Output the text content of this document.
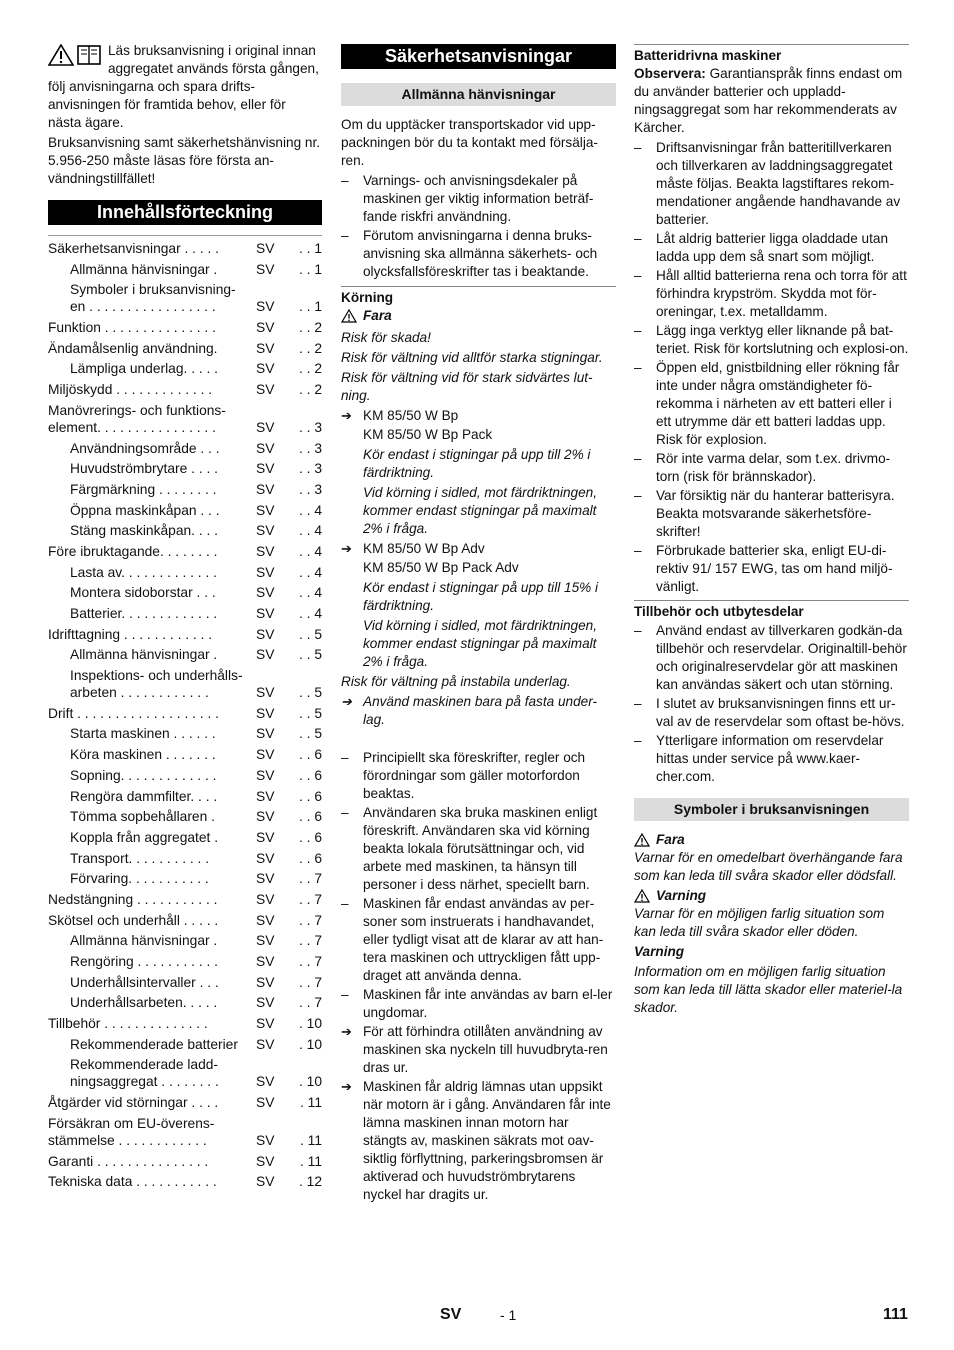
Läs bruksanvisning i original innan aggregatet används första gången, följ anvisningarna och spara drifts-anvisningen för framtida behov, eller för nästa ägare.

Bruksanvisning samt säkerhetshänvisning nr. 5.956-250 måste läsas före första an-vändningstillfället!

Innehållsförteckning
Säkerhetsanvisningar . . . . .	SV	. . 1
Allmänna hänvisningar .	SV	. . 1
Symboler i bruksanvisning-
en . . . . . . . . . . . . . . . . .	SV	. . 1
Funktion . . . . . . . . . . . . . . .	SV	. . 2
Ändamålsenlig användning.	SV	. . 2
Lämpliga underlag. . . . .	SV	. . 2
Miljöskydd . . . . . . . . . . . . .	SV	. . 2
Manövrerings- och funktions-
element. . . . . . . . . . . . . . . .	SV	. . 3
Användningsområde . . .	SV	. . 3
Huvudströmbrytare . . . .	SV	. . 3
Färgmärkning . . . . . . . .	SV	. . 3
Öppna maskinkåpan . . .	SV	. . 4
Stäng maskinkåpan. . . .	SV	. . 4
Före ibruktagande. . . . . . . .	SV	. . 4
Lasta av. . . . . . . . . . . . .	SV	. . 4
Montera sidoborstar . . .	SV	. . 4
Batterier. . . . . . . . . . . . .	SV	. . 4
Idrifttagning . . . . . . . . . . . .	SV	. . 5
Allmänna hänvisningar .	SV	. . 5
Inspektions- och underhålls-
arbeten . . . . . . . . . . . .	SV	. . 5
Drift . . . . . . . . . . . . . . . . . . .	SV	. . 5
Starta maskinen . . . . . .	SV	. . 5
Köra maskinen . . . . . . .	SV	. . 6
Sopning. . . . . . . . . . . . .	SV	. . 6
Rengöra dammfilter. . . .	SV	. . 6
Tömma sopbehållaren .	SV	. . 6
Koppla från aggregatet .	SV	. . 6
Transport. . . . . . . . . . .	SV	. . 6
Förvaring. . . . . . . . . . .	SV	. . 7
Nedstängning . . . . . . . . . . .	SV	. . 7
Skötsel och underhåll . . . . .	SV	. . 7
Allmänna hänvisningar .	SV	. . 7
Rengöring . . . . . . . . . . .	SV	. . 7
Underhållsintervaller . . .	SV	. . 7
Underhållsarbeten. . . . .	SV	. . 7
Tillbehör . . . . . . . . . . . . . .	SV	. 10
Rekommenderade batterier	SV	. 10
Rekommenderade ladd-
ningsaggregat . . . . . . . .	SV	. 10
Åtgärder vid störningar . . . .	SV	. 11
Försäkran om EU-överens-
stämmelse . . . . . . . . . . . .	SV	. 11
Garanti . . . . . . . . . . . . . . .	SV	. 11
Tekniska data . . . . . . . . . . .	SV	. 12
Säkerhetsanvisningar
Allmänna hänvisningar

Om du upptäcker transportskador vid upp-packningen bör du ta kontakt med försälja-ren.

–	Varnings- och anvisningsdekaler på maskinen ger viktig information beträf-fande riskfri användning.
–	Förutom anvisningarna i denna bruks-anvisning ska allmänna säkerhets- och olycksfallsföreskrifter tas i beaktande.
Körning
Fara

Risk för skada!

Risk för vältning vid alltför starka stigningar.

Risk för vältning vid för stark sidvärtes lut-ning.

➔ KM 85/50 W Bp

KM 85/50 W Bp Pack

Kör endast i stigningar på upp till 2% i färdriktning.

Vid körning i sidled, mot färdriktningen, kommer endast stigningar på maximalt 2% i fråga.

➔ KM 85/50 W Bp Adv

KM 85/50 W Bp Pack Adv

Kör endast i stigningar på upp till 15% i färdriktning.

Vid körning i sidled, mot färdriktningen, kommer endast stigningar på maximalt 2% i fråga.

Risk för vältning på instabila underlag.

➔ Använd maskinen bara på fasta under-lag.
–	Principiellt ska föreskrifter, regler och förordningar som gäller motorfordon beaktas.
–	Användaren ska bruka maskinen enligt föreskrift. Användaren ska vid körning beakta lokala förutsättningar och, vid arbete med maskinen, ta hänsyn till personer i dess närhet, speciellt barn.
–	Maskinen får endast användas av per-soner som instruerats i handhavandet, eller tydligt visat att de klarar av att han-tera maskinen och uttryckligen fått upp-draget att använda denna.
–	Maskinen får inte användas av barn el-ler ungdomar.
➔ För att förhindra otillåten användning av maskinen ska nyckeln till huvudbryta-ren dras ur.
➔ Maskinen får aldrig lämnas utan uppsikt när motorn är i gång. Användaren får inte lämna maskinen innan motorn har stängts av, maskinen säkrats mot oav-siktlig förflyttning, parkeringsbromsen är aktiverad och huvudströmbrytarens nyckel har dragits ur.
Batteridrivna maskiner

Observera: Garantianspråk finns endast om du använder batterier och uppladd-ningsaggregat som har rekommenderats av Kärcher.

–	Driftsanvisningar från batteritillverkaren och tillverkaren av laddningsaggregatet måste följas. Beakta lagstiftares rekom-mendationer angående handhavande av batterier.
–	Låt aldrig batterier ligga oladdade utan ladda upp dem så snart som möjligt.
–	Håll alltid batterierna rena och torra för att förhindra krypström. Skydda mot för-oreningar, t.ex. metalldamm.
–	Lägg inga verktyg eller liknande på bat-teriet. Risk för kortslutning och explosi-on.
–	Öppen eld, gnistbildning eller rökning får inte under några omständigheter fö-rekomma i närheten av ett batteri eller i ett utrymme där ett batteri laddas upp. Risk för explosion.
–	Rör inte varma delar, som t.ex. drivmo-torn (risk för brännskador).
–	Var försiktig när du hanterar batterisyra. Beakta motsvarande säkerhetsföre-skrifter!
–	Förbrukade batterier ska, enligt EU-di-rektiv 91/ 157 EWG, tas om hand miljö-vänligt.
Tillbehör och utbytesdelar
–	Använd endast av tillverkaren godkän-da tillbehör och reservdelar. Originaltill-behör och originalreservdelar gör att maskinen kan användas säkert och utan störning.
–	I slutet av bruksanvisningen finns ett ur-val av de reservdelar som oftast be-hövs.
–	Ytterligare information om reservdelar hittas under service på www.kaer-cher.com.
Symboler i bruksanvisningen
Fara

Varnar för en omedelbart överhängande fara som kan leda till svåra skador eller dödsfall.

Varning

Varnar för en möjligen farlig situation som kan leda till svåra skador eller döden.

Varning

Information om en möjligen farlig situation som kan leda till lätta skador eller materiel-la skador.

SV	- 1	111
